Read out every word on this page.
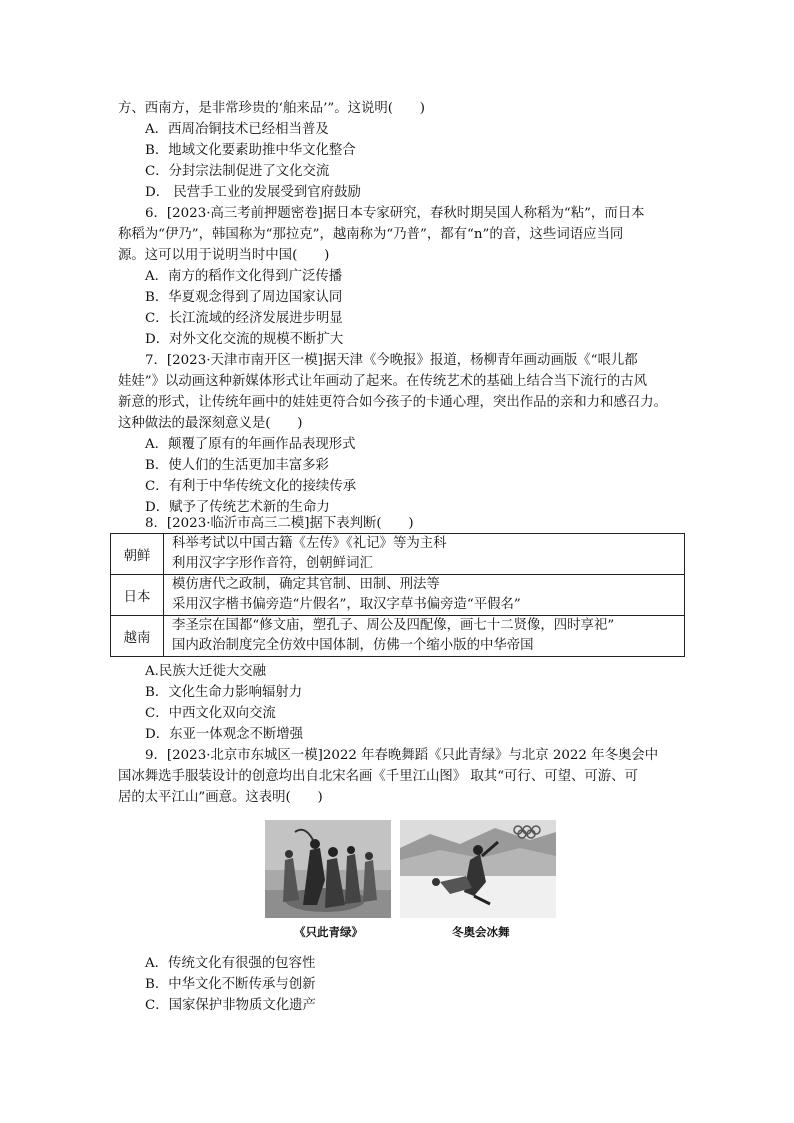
方、西南方，是非常珍贵的‘舶来品’”。这说明(　　)
A．西周冶铜技术已经相当普及
B．地域文化要素助推中华文化整合
C．分封宗法制促进了文化交流
D． 民营手工业的发展受到官府鼓励
6．[2023·高三考前押题密卷]据日本专家研究，春秋时期吴国人称稻为“粘”，而日本
称稻为“伊乃”，韩国称为“那拉克”，越南称为“乃普”，都有“n”的音，这些词语应当同
源。这可以用于说明当时中国(　　)
A．南方的稻作文化得到广泛传播
B．华夏观念得到了周边国家认同
C．长江流域的经济发展进步明显
D．对外文化交流的规模不断扩大
7．[2023·天津市南开区一模]据天津《今晚报》报道，杨柳青年画动画版《“哏儿都
娃娃”》以动画这种新媒体形式让年画动了起来。在传统艺术的基础上结合当下流行的古风
新意的形式，让传统年画中的娃娃更符合如今孩子的卡通心理，突出作品的亲和力和感召力。
这种做法的最深刻意义是(　　)
A．颠覆了原有的年画作品表现形式
B．使人们的生活更加丰富多彩
C．有利于中华传统文化的接续传承
D．赋予了传统艺术新的生命力
8．[2023·临沂市高三二模]据下表判断(　　)
朝鲜	科举考试以中国古籍《左传》《礼记》等为主科
利用汉字字形作音符，创朝鲜词汇

日本	模仿唐代之政制，确定其官制、田制、刑法等
采用汉字楷书偏旁造“片假名”，取汉字草书偏旁造“平假名”

越南	李圣宗在国都“修文庙，塑孔子、周公及四配像，画七十二贤像，四时享祀”
国内政治制度完全仿效中国体制，仿佛一个缩小版的中华帝国
A.民族大迁徙大交融
B．文化生命力影响辐射力
C．中西文化双向交流
D．东亚一体观念不断增强
9．[2023·北京市东城区一模]2022 年春晚舞蹈《只此青绿》与北京 2022 年冬奥会中
国冰舞选手服装设计的创意均出自北宋名画《千里江山图》 取其“可行、可望、可游、可
居的太平江山”画意。这表明(　　)
《只此青绿》	冬奥会冰舞
A．传统文化有很强的包容性
B．中华文化不断传承与创新
C．国家保护非物质文化遗产
